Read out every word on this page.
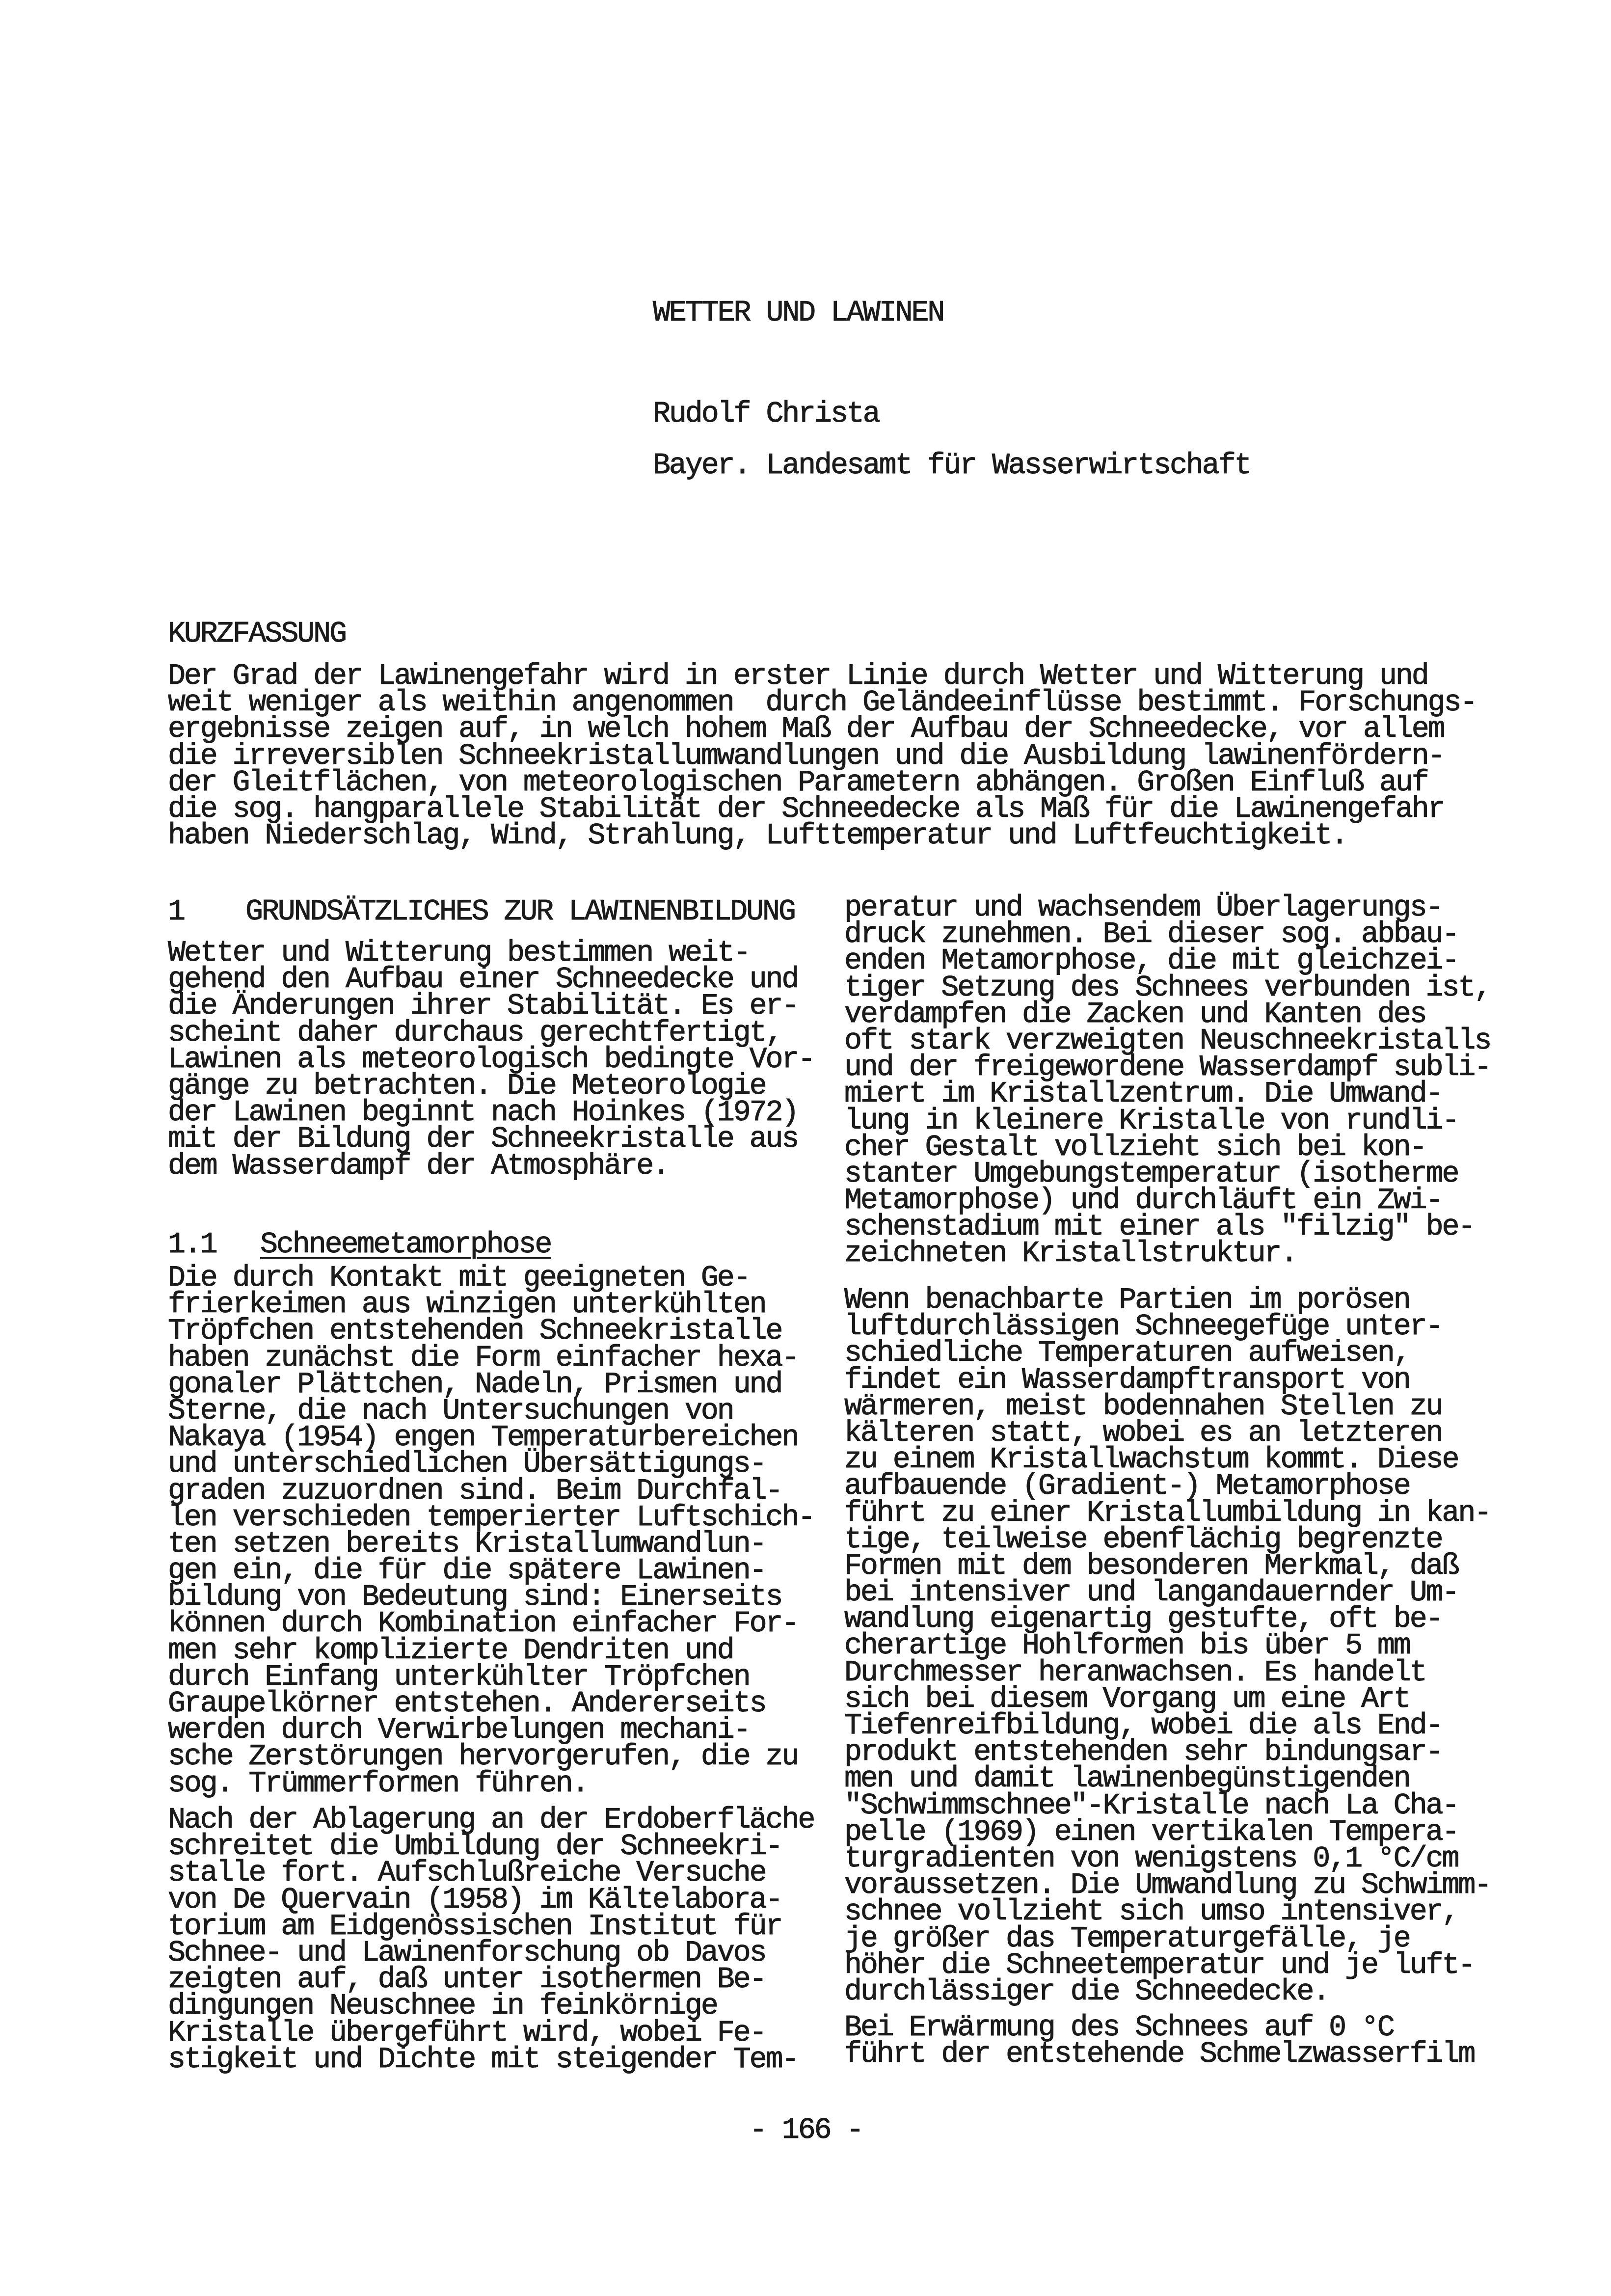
WETTER UND LAWINEN
Rudolf Christa
Bayer. Landesamt für Wasserwirtschaft
KURZFASSUNG
Der Grad der Lawinengefahr wird in erster Linie durch Wetter und Witterung und
weit weniger als weithin angenommen  durch Geländeeinflüsse bestimmt. Forschungs-
ergebnisse zeigen auf, in welch hohem Maß der Aufbau der Schneedecke, vor allem
die irreversiblen Schneekristallumwandlungen und die Ausbildung lawinenfördern-
der Gleitflächen, von meteorologischen Parametern abhängen. Großen Einfluß auf
die sog. hangparallele Stabilität der Schneedecke als Maß für die Lawinengefahr
haben Niederschlag, Wind, Strahlung, Lufttemperatur und Luftfeuchtigkeit.

1

GRUNDSÄTZLICHES ZUR LAWINENBILDUNG

Wetter und Witterung bestimmen weit-
gehend den Aufbau einer Schneedecke und
die Änderungen ihrer Stabilität. Es er-
scheint daher durchaus gerechtfertigt,
Lawinen als meteorologisch bedingte Vor-
gänge zu betrachten. Die Meteorologie
der Lawinen beginnt nach Hoinkes (1972)
mit der Bildung der Schneekristalle aus
dem Wasserdampf der Atmosphäre.

1.1

Schneemetamorphose

Die durch Kontakt mit geeigneten Ge-
frierkeimen aus winzigen unterkühlten
Tröpfchen entstehenden Schneekristalle
haben zunächst die Form einfacher hexa-
gonaler Plättchen, Nadeln, Prismen und
Sterne, die nach Untersuchungen von
Nakaya (1954) engen Temperaturbereichen
und unterschiedlichen Übersättigungs-
graden zuzuordnen sind. Beim Durchfal-
len verschieden temperierter Luftschich-
ten setzen bereits Kristallumwandlun-
gen ein, die für die spätere Lawinen-
bildung von Bedeutung sind: Einerseits
können durch Kombination einfacher For-
men sehr komplizierte Dendriten und
durch Einfang unterkühlter Tröpfchen
Graupelkörner entstehen. Andererseits
werden durch Verwirbelungen mechani-
sche Zerstörungen hervorgerufen, die zu
sog. Trümmerformen führen.
Nach der Ablagerung an der Erdoberfläche
schreitet die Umbildung der Schneekri-
stalle fort. Aufschlußreiche Versuche
von De Quervain (1958) im Kältelabora-
torium am Eidgenössischen Institut für
Schnee- und Lawinenforschung ob Davos
zeigten auf, daß unter isothermen Be-
dingungen Neuschnee in feinkörnige
Kristalle übergeführt wird, wobei Fe-
stigkeit und Dichte mit steigender Tem-
peratur und wachsendem Überlagerungs-
druck zunehmen. Bei dieser sog. abbau-
enden Metamorphose, die mit gleichzei-
tiger Setzung des Schnees verbunden ist,
verdampfen die Zacken und Kanten des
oft stark verzweigten Neuschneekristalls
und der freigewordene Wasserdampf subli-
miert im Kristallzentrum. Die Umwand-
lung in kleinere Kristalle von rundli-
cher Gestalt vollzieht sich bei kon-
stanter Umgebungstemperatur (isotherme
Metamorphose) und durchläuft ein Zwi-
schenstadium mit einer als "filzig" be-
zeichneten Kristallstruktur.
Wenn benachbarte Partien im porösen
luftdurchlässigen Schneegefüge unter-
schiedliche Temperaturen aufweisen,
findet ein Wasserdampftransport von
wärmeren, meist bodennahen Stellen zu
kälteren statt, wobei es an letzteren
zu einem Kristallwachstum kommt. Diese
aufbauende (Gradient-) Metamorphose
führt zu einer Kristallumbildung in kan-
tige, teilweise ebenflächig begrenzte
Formen mit dem besonderen Merkmal, daß
bei intensiver und langandauernder Um-
wandlung eigenartig gestufte, oft be-
cherartige Hohlformen bis über 5 mm
Durchmesser heranwachsen. Es handelt
sich bei diesem Vorgang um eine Art
Tiefenreifbildung, wobei die als End-
produkt entstehenden sehr bindungsar-
men und damit lawinenbegünstigenden
"Schwimmschnee"-Kristalle nach La Cha-
pelle (1969) einen vertikalen Tempera-
turgradienten von wenigstens 0,1 °C/cm
voraussetzen. Die Umwandlung zu Schwimm-
schnee vollzieht sich umso intensiver,
je größer das Temperaturgefälle, je
höher die Schneetemperatur und je luft-
durchlässiger die Schneedecke.
Bei Erwärmung des Schnees auf 0 °C
führt der entstehende Schmelzwasserfilm
- 166 -
